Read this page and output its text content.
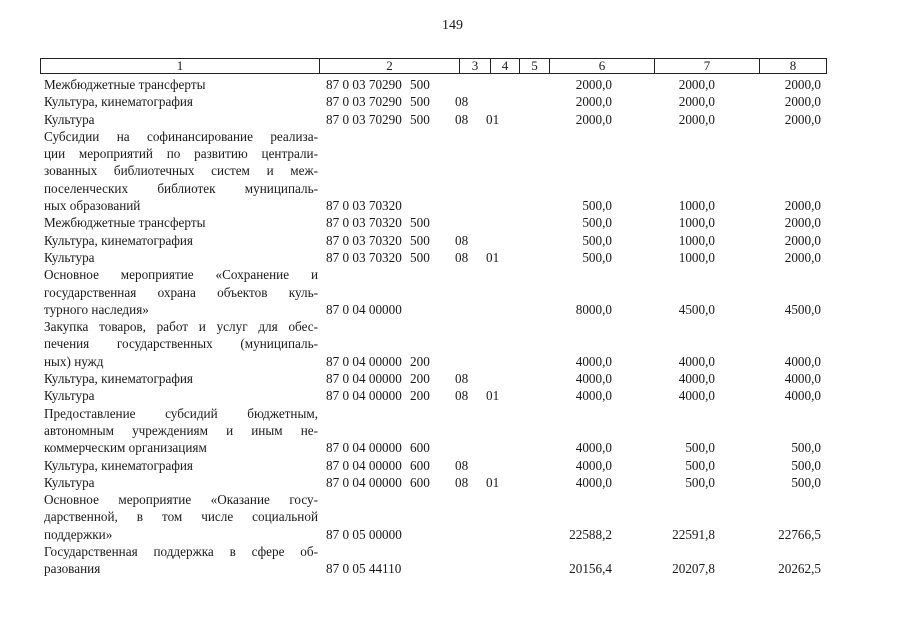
149
1	2	3	4	5	6	7	8
Межбюджетные трансферты	87 0 03 70290 500	2000,0	2000,0	2000,0
Культура, кинематография	87 0 03 70290 500 08	2000,0	2000,0	2000,0
Культура	87 0 03 70290 500 08 01	2000,0	2000,0	2000,0
Субсидии на софинансирование реализа-
ции мероприятий по развитию централи-
зованных библиотечных систем и меж-
поселенческих библиотек муниципаль-
ных образований	87 0 03 70320	500,0	1000,0	2000,0
Межбюджетные трансферты	87 0 03 70320 500	500,0	1000,0	2000,0
Культура, кинематография	87 0 03 70320 500 08	500,0	1000,0	2000,0
Культура	87 0 03 70320 500 08 01	500,0	1000,0	2000,0
Основное мероприятие «Сохранение и
государственная охрана объектов куль-
турного наследия»	87 0 04 00000	8000,0	4500,0	4500,0
Закупка товаров, работ и услуг для обес-
печения государственных (муниципаль-
ных) нужд	87 0 04 00000 200	4000,0	4000,0	4000,0
Культура, кинематография	87 0 04 00000 200 08	4000,0	4000,0	4000,0
Культура	87 0 04 00000 200 08 01	4000,0	4000,0	4000,0
Предоставление субсидий бюджетным,
автономным учреждениям и иным не-
коммерческим организациям	87 0 04 00000 600	4000,0	500,0	500,0
Культура, кинематография	87 0 04 00000 600 08	4000,0	500,0	500,0
Культура	87 0 04 00000 600 08 01	4000,0	500,0	500,0
Основное мероприятие «Оказание госу-
дарственной, в том числе социальной
поддержки»	87 0 05 00000	22588,2	22591,8	22766,5
Государственная поддержка в сфере об-
разования	87 0 05 44110	20156,4	20207,8	20262,5
